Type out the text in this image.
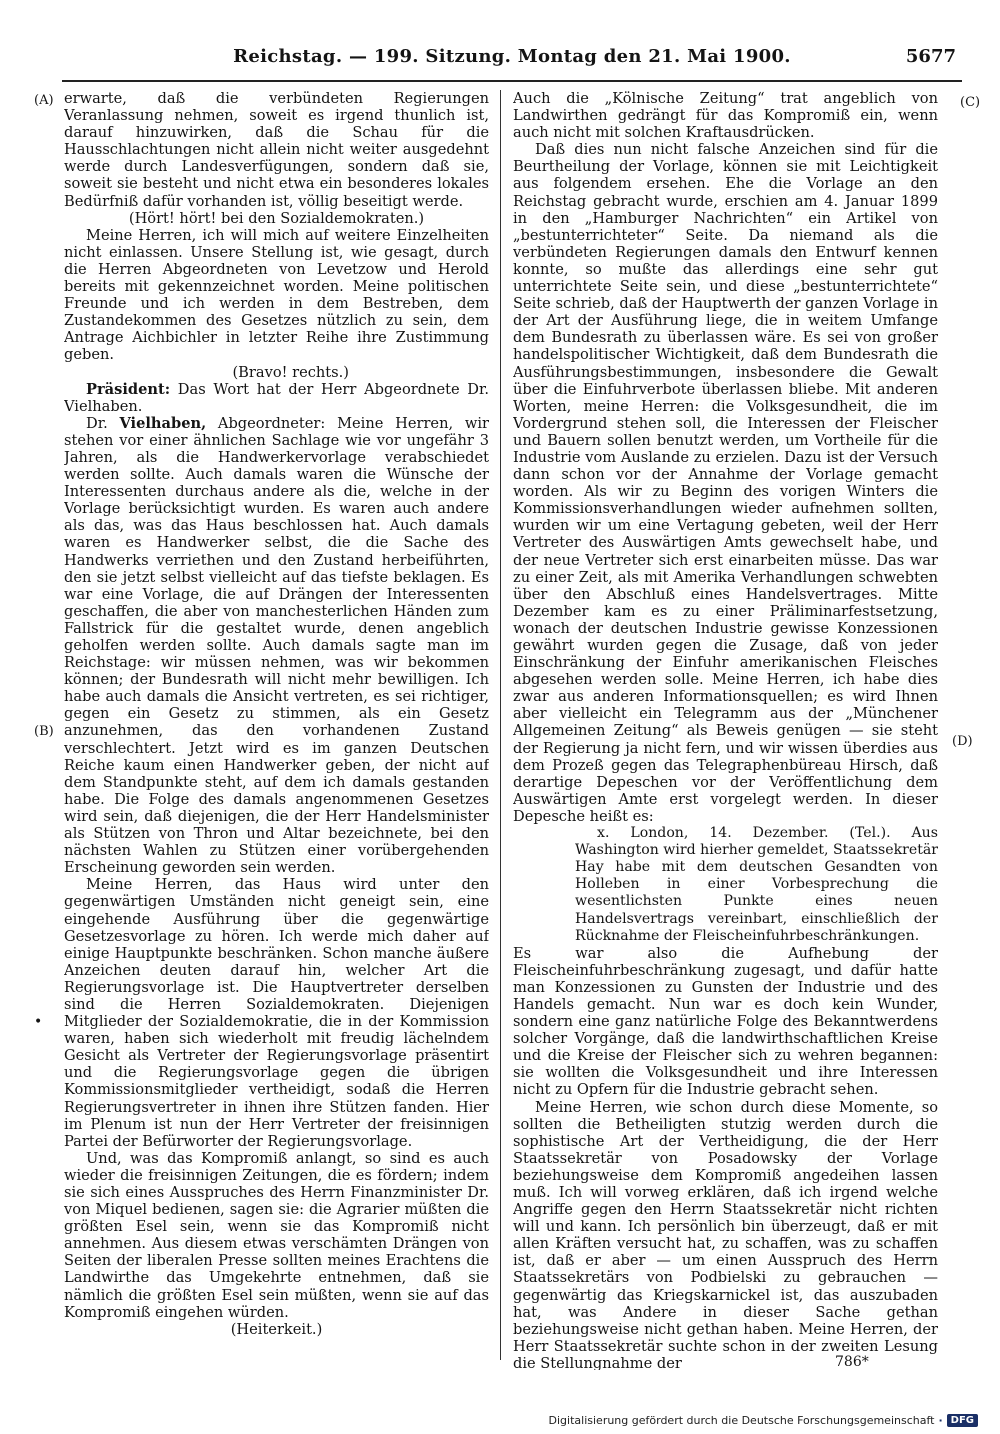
Reichstag. — 199. Sitzung. Montag den 21. Mai 1900.	5677
(A)
(B)
(C)
(D)
•

erwarte, daß die verbündeten Regierungen Veranlassung nehmen, soweit es irgend thunlich ist, darauf hinzuwirken, daß die Schau für die Hausschlachtungen nicht allein nicht weiter ausgedehnt werde durch Landesverfügungen, sondern daß sie, soweit sie besteht und nicht etwa ein besonderes lokales Bedürfniß dafür vorhanden ist, völlig beseitigt werde.

(Hört! hört! bei den Sozialdemokraten.)

Meine Herren, ich will mich auf weitere Einzelheiten nicht einlassen. Unsere Stellung ist, wie gesagt, durch die Herren Abgeordneten von Levetzow und Herold bereits mit gekennzeichnet worden. Meine politischen Freunde und ich werden in dem Bestreben, dem Zustandekommen des Gesetzes nützlich zu sein, dem Antrage Aichbichler in letzter Reihe ihre Zustimmung geben.

(Bravo! rechts.)

Präsident: Das Wort hat der Herr Abgeordnete Dr. Vielhaben.

Dr. Vielhaben, Abgeordneter: Meine Herren, wir stehen vor einer ähnlichen Sachlage wie vor ungefähr 3 Jahren, als die Handwerkervorlage verabschiedet werden sollte. Auch damals waren die Wünsche der Interessenten durchaus andere als die, welche in der Vorlage berücksichtigt wurden. Es waren auch andere als das, was das Haus beschlossen hat. Auch damals waren es Handwerker selbst, die die Sache des Handwerks verriethen und den Zustand herbeiführten, den sie jetzt selbst vielleicht auf das tiefste beklagen. Es war eine Vorlage, die auf Drängen der Interessenten geschaffen, die aber von manchesterlichen Händen zum Fallstrick für die gestaltet wurde, denen angeblich geholfen werden sollte. Auch damals sagte man im Reichstage: wir müssen nehmen, was wir bekommen können; der Bundesrath will nicht mehr bewilligen. Ich habe auch damals die Ansicht vertreten, es sei richtiger, gegen ein Gesetz zu stimmen, als ein Gesetz anzunehmen, das den vorhandenen Zustand verschlechtert. Jetzt wird es im ganzen Deutschen Reiche kaum einen Handwerker geben, der nicht auf dem Standpunkte steht, auf dem ich damals gestanden habe. Die Folge des damals angenommenen Gesetzes wird sein, daß diejenigen, die der Herr Handelsminister als Stützen von Thron und Altar bezeichnete, bei den nächsten Wahlen zu Stützen einer vorübergehenden Erscheinung geworden sein werden.

Meine Herren, das Haus wird unter den gegenwärtigen Umständen nicht geneigt sein, eine eingehende Ausführung über die gegenwärtige Gesetzesvorlage zu hören. Ich werde mich daher auf einige Hauptpunkte beschränken. Schon manche äußere Anzeichen deuten darauf hin, welcher Art die Regierungsvorlage ist. Die Hauptvertreter derselben sind die Herren Sozialdemokraten. Diejenigen Mitglieder der Sozialdemokratie, die in der Kommission waren, haben sich wiederholt mit freudig lächelndem Gesicht als Vertreter der Regierungsvorlage präsentirt und die Regierungsvorlage gegen die übrigen Kommissionsmitglieder vertheidigt, sodaß die Herren Regierungsvertreter in ihnen ihre Stützen fanden. Hier im Plenum ist nun der Herr Vertreter der freisinnigen Partei der Befürworter der Regierungsvorlage.

Und, was das Kompromiß anlangt, so sind es auch wieder die freisinnigen Zeitungen, die es fördern; indem sie sich eines Ausspruches des Herrn Finanzminister Dr. von Miquel bedienen, sagen sie: die Agrarier müßten die größten Esel sein, wenn sie das Kompromiß nicht annehmen. Aus diesem etwas verschämten Drängen von Seiten der liberalen Presse sollten meines Erachtens die Landwirthe das Umgekehrte entnehmen, daß sie nämlich die größten Esel sein müßten, wenn sie auf das Kompromiß eingehen würden.

(Heiterkeit.)

Auch die „Kölnische Zeitung“ trat angeblich von Landwirthen gedrängt für das Kompromiß ein, wenn auch nicht mit solchen Kraftausdrücken.

Daß dies nun nicht falsche Anzeichen sind für die Beurtheilung der Vorlage, können sie mit Leichtigkeit aus folgendem ersehen. Ehe die Vorlage an den Reichstag gebracht wurde, erschien am 4. Januar 1899 in den „Hamburger Nachrichten“ ein Artikel von „bestunterrichteter“ Seite. Da niemand als die verbündeten Regierungen damals den Entwurf kennen konnte, so mußte das allerdings eine sehr gut unterrichtete Seite sein, und diese „bestunterrichtete“ Seite schrieb, daß der Hauptwerth der ganzen Vorlage in der Art der Ausführung liege, die in weitem Umfange dem Bundesrath zu überlassen wäre. Es sei von großer handelspolitischer Wichtigkeit, daß dem Bundesrath die Ausführungsbestimmungen, insbesondere die Gewalt über die Einfuhrverbote überlassen bliebe. Mit anderen Worten, meine Herren: die Volksgesundheit, die im Vordergrund stehen soll, die Interessen der Fleischer und Bauern sollen benutzt werden, um Vortheile für die Industrie vom Auslande zu erzielen. Dazu ist der Versuch dann schon vor der Annahme der Vorlage gemacht worden. Als wir zu Beginn des vorigen Winters die Kommissionsverhandlungen wieder aufnehmen sollten, wurden wir um eine Vertagung gebeten, weil der Herr Vertreter des Auswärtigen Amts gewechselt habe, und der neue Vertreter sich erst einarbeiten müsse. Das war zu einer Zeit, als mit Amerika Verhandlungen schwebten über den Abschluß eines Handelsvertrages. Mitte Dezember kam es zu einer Präliminarfestsetzung, wonach der deutschen Industrie gewisse Konzessionen gewährt wurden gegen die Zusage, daß von jeder Einschränkung der Einfuhr amerikanischen Fleisches abgesehen werden solle. Meine Herren, ich habe dies zwar aus anderen Informationsquellen; es wird Ihnen aber vielleicht ein Telegramm aus der „Münchener Allgemeinen Zeitung“ als Beweis genügen — sie steht der Regierung ja nicht fern, und wir wissen überdies aus dem Prozeß gegen das Telegraphenbüreau Hirsch, daß derartige Depeschen vor der Veröffentlichung dem Auswärtigen Amte erst vorgelegt werden. In dieser Depesche heißt es:

x. London, 14. Dezember. (Tel.). Aus Washington wird hierher gemeldet, Staatssekretär Hay habe mit dem deutschen Gesandten von Holleben in einer Vorbesprechung die wesentlichsten Punkte eines neuen Handelsvertrags vereinbart, einschließlich der Rücknahme der Fleischeinfuhrbeschränkungen.

Es war also die Aufhebung der Fleischeinfuhrbeschränkung zugesagt, und dafür hatte man Konzessionen zu Gunsten der Industrie und des Handels gemacht. Nun war es doch kein Wunder, sondern eine ganz natürliche Folge des Bekanntwerdens solcher Vorgänge, daß die landwirthschaftlichen Kreise und die Kreise der Fleischer sich zu wehren begannen: sie wollten die Volksgesundheit und ihre Interessen nicht zu Opfern für die Industrie gebracht sehen.

Meine Herren, wie schon durch diese Momente, so sollten die Betheiligten stutzig werden durch die sophistische Art der Vertheidigung, die der Herr Staatssekretär von Posadowsky der Vorlage beziehungsweise dem Kompromiß angedeihen lassen muß. Ich will vorweg erklären, daß ich irgend welche Angriffe gegen den Herrn Staatssekretär nicht richten will und kann. Ich persönlich bin überzeugt, daß er mit allen Kräften versucht hat, zu schaffen, was zu schaffen ist, daß er aber — um einen Ausspruch des Herrn Staatssekretärs von Podbielski zu gebrauchen — gegenwärtig das Kriegskarnickel ist, das auszubaden hat, was Andere in dieser Sache gethan beziehungsweise nicht gethan haben. Meine Herren, der Herr Staatssekretär suchte schon in der zweiten Lesung die Stellungnahme der	786*
Digitalisierung gefördert durch die Deutsche Forschungsgemeinschaft · DFG
